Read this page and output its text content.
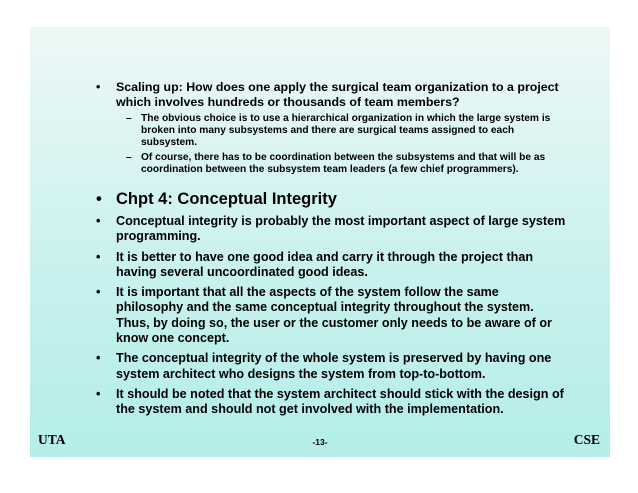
• Scaling up: How does one apply the surgical team organization to a project which involves hundreds or thousands of team members?
– The obvious choice is to use a hierarchical organization in which the large system is broken into many subsystems and there are surgical teams assigned to each subsystem.
– Of course, there has to be coordination between the subsystems and that will be as coordination between the subsystem team leaders (a few chief programmers).
• Chpt 4: Conceptual Integrity
• Conceptual integrity is probably the most important aspect of large system programming.
• It is better to have one good idea and carry it through the project than having several uncoordinated good ideas.
• It is important that all the aspects of the system follow the same philosophy and the same conceptual integrity throughout the system. Thus, by doing so, the user or the customer only needs to be aware of or know one concept.
• The conceptual integrity of the whole system is preserved by having one system architect who designs the system from top-to-bottom.
• It should be noted that the system architect should stick with the design of the system and should not get involved with the implementation.
UTA	-13-	CSE
